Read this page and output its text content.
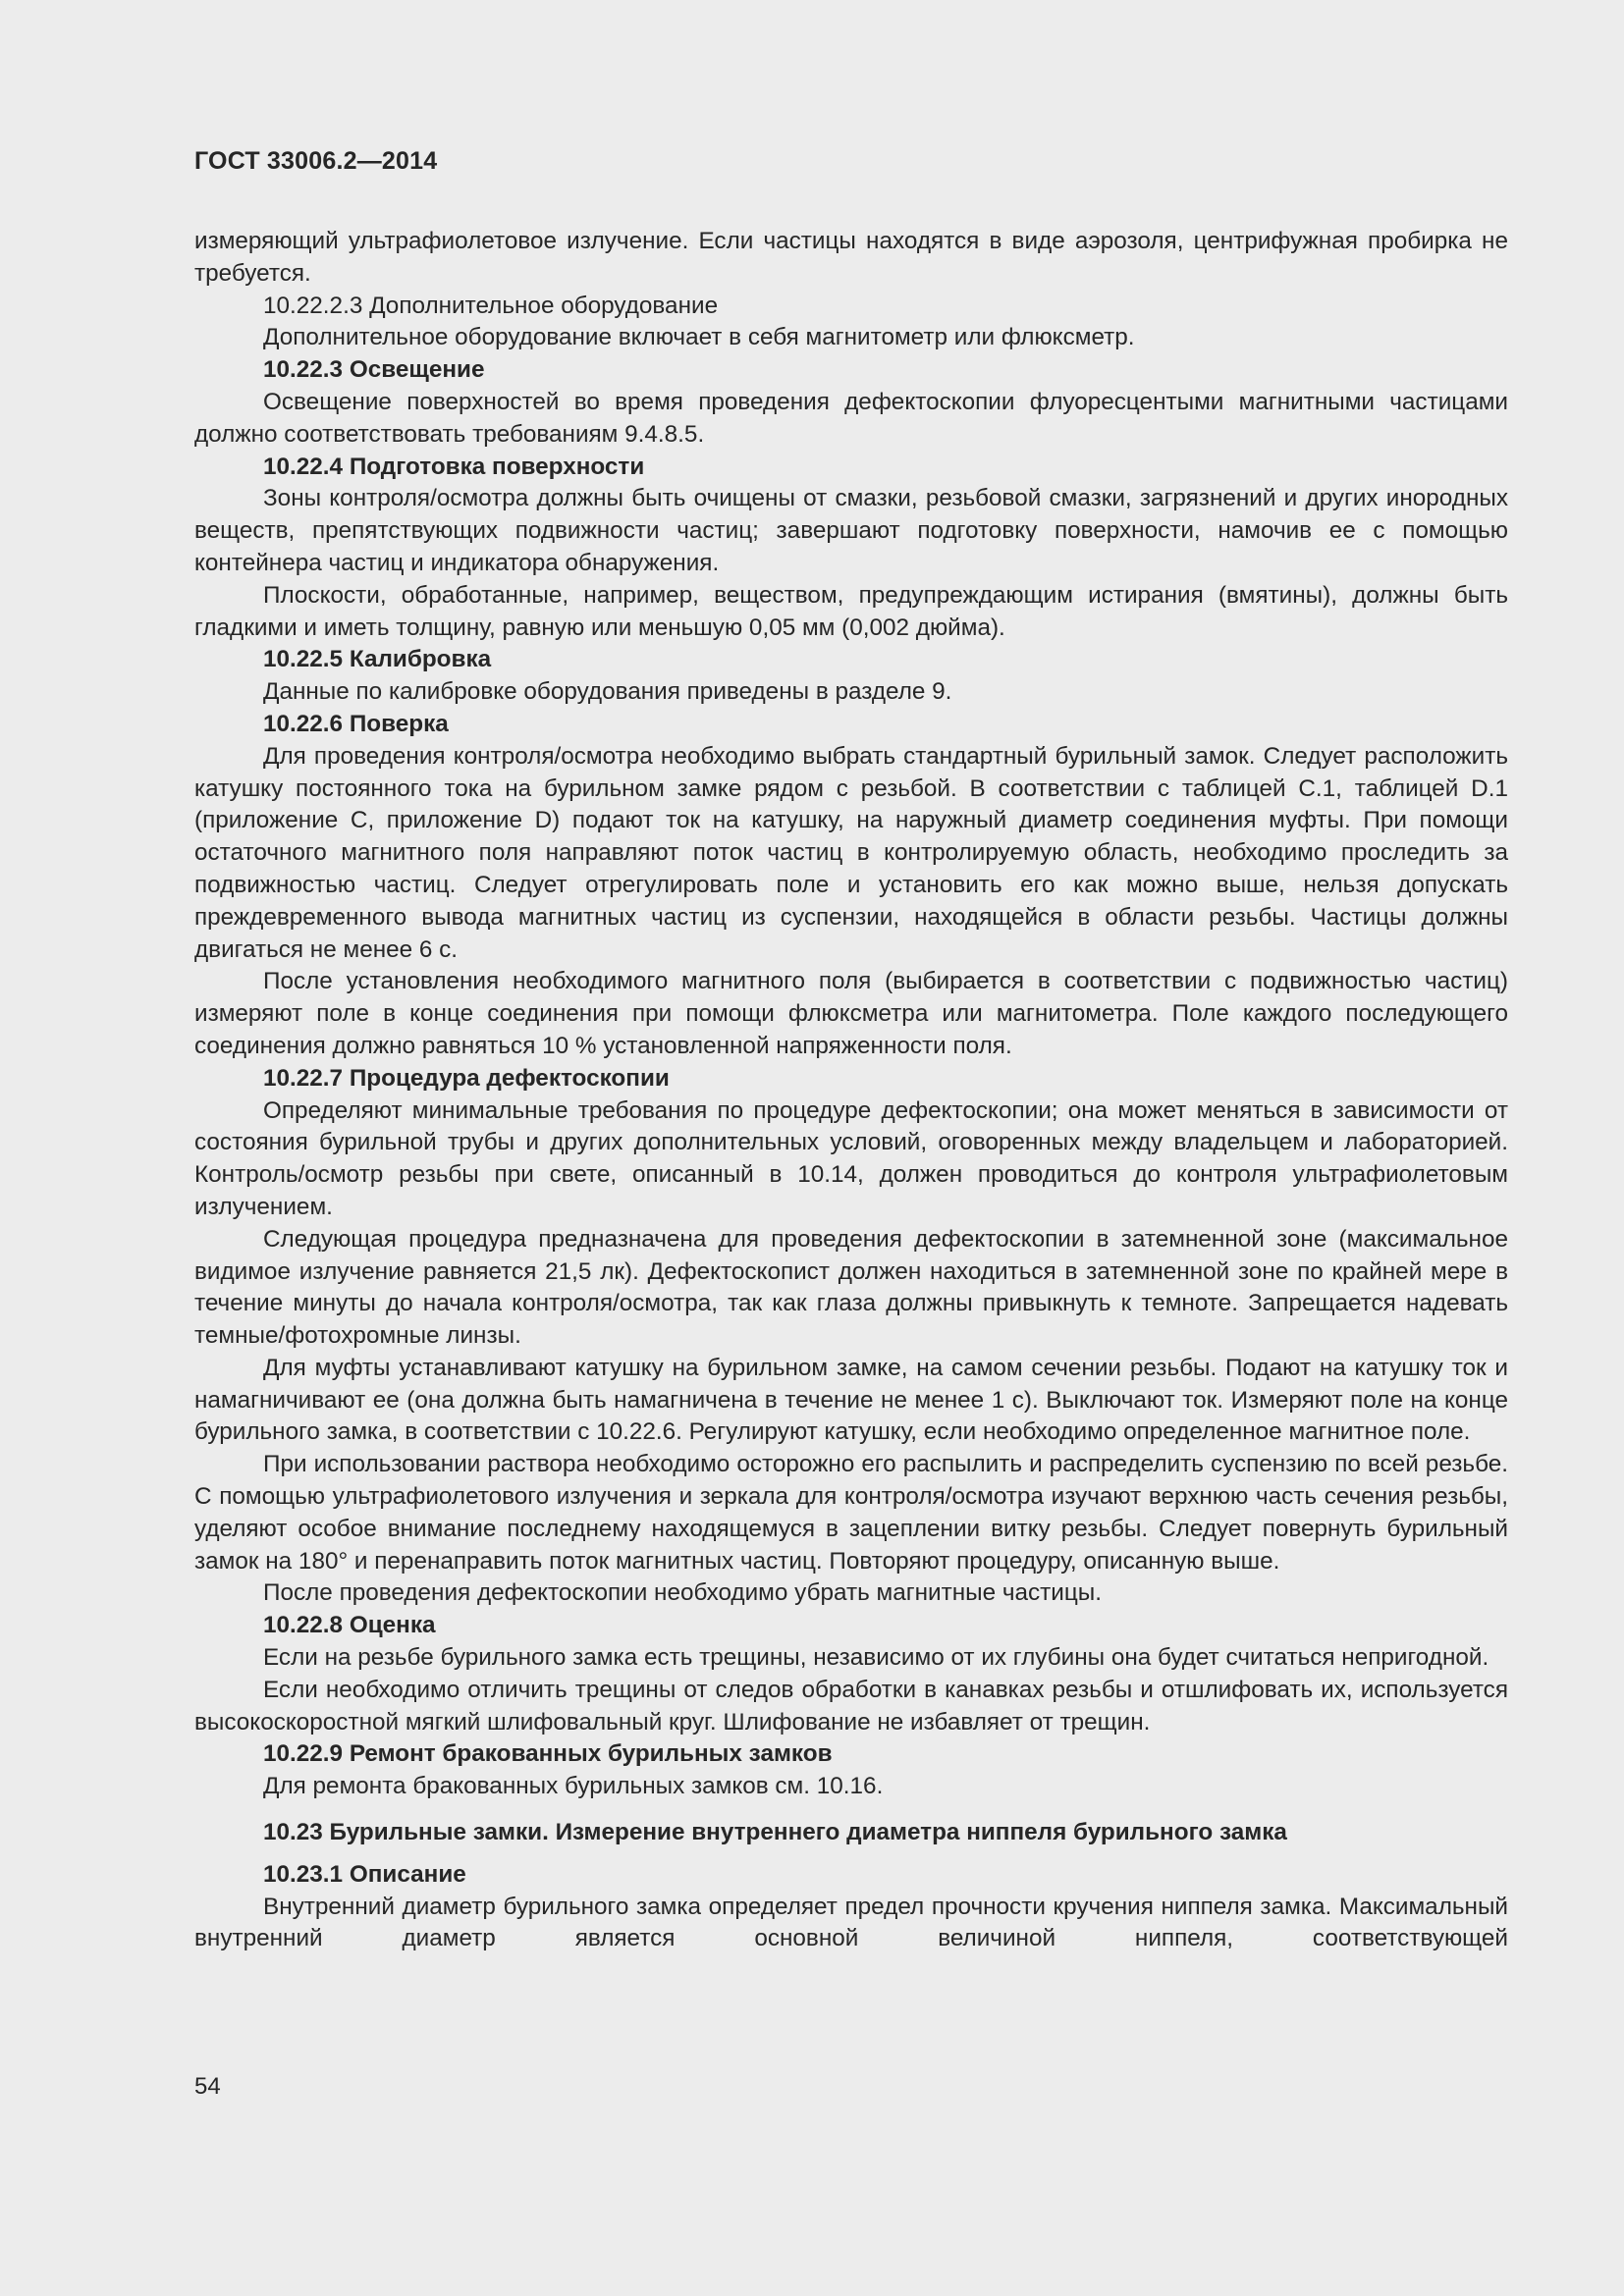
ГОСТ 33006.2—2014

измеряющий ультрафиолетовое излучение. Если частицы находятся в виде аэрозоля, центрифужная пробирка не требуется.

10.22.2.3 Дополнительное оборудование

Дополнительное оборудование включает в себя магнитометр или флюксметр.

10.22.3 Освещение

Освещение поверхностей во время проведения дефектоскопии флуоресцентыми магнитными частицами должно соответствовать требованиям 9.4.8.5.

10.22.4 Подготовка поверхности

Зоны контроля/осмотра должны быть очищены от смазки, резьбовой смазки, загрязнений и других инородных веществ, препятствующих подвижности частиц; завершают подготовку поверхности, намочив ее с помощью контейнера частиц и индикатора обнаружения.

Плоскости, обработанные, например, веществом, предупреждающим истирания (вмятины), должны быть гладкими и иметь толщину, равную или меньшую 0,05 мм (0,002 дюйма).

10.22.5 Калибровка

Данные по калибровке оборудования приведены в разделе 9.

10.22.6 Поверка

Для проведения контроля/осмотра необходимо выбрать стандартный бурильный замок. Следует расположить катушку постоянного тока на бурильном замке рядом с резьбой. В соответствии с таблицей С.1, таблицей D.1 (приложение С, приложение D) подают ток на катушку, на наружный диаметр соединения муфты. При помощи остаточного магнитного поля направляют поток частиц в контролируемую область, необходимо проследить за подвижностью частиц. Следует отрегулировать поле и установить его как можно выше, нельзя допускать преждевременного вывода магнитных частиц из суспензии, находящейся в области резьбы. Частицы должны двигаться не менее 6 с.

После установления необходимого магнитного поля (выбирается в соответствии с подвижностью частиц) измеряют поле в конце соединения при помощи флюксметра или магнитометра. Поле каждого последующего соединения должно равняться 10 % установленной напряженности поля.

10.22.7 Процедура дефектоскопии

Определяют минимальные требования по процедуре дефектоскопии; она может меняться в зависимости от состояния бурильной трубы и других дополнительных условий, оговоренных между владельцем и лабораторией. Контроль/осмотр резьбы при свете, описанный в 10.14, должен проводиться до контроля ультрафиолетовым излучением.

Следующая процедура предназначена для проведения дефектоскопии в затемненной зоне (максимальное видимое излучение равняется 21,5 лк). Дефектоскопист должен находиться в затемненной зоне по крайней мере в течение минуты до начала контроля/осмотра, так как глаза должны привыкнуть к темноте. Запрещается надевать темные/фотохромные линзы.

Для муфты устанавливают катушку на бурильном замке, на самом сечении резьбы. Подают на катушку ток и намагничивают ее (она должна быть намагничена в течение не менее 1 с). Выключают ток. Измеряют поле на конце бурильного замка, в соответствии с 10.22.6. Регулируют катушку, если необходимо определенное магнитное поле.

При использовании раствора необходимо осторожно его распылить и распределить суспензию по всей резьбе. С помощью ультрафиолетового излучения и зеркала для контроля/осмотра изучают верхнюю часть сечения резьбы, уделяют особое внимание последнему находящемуся в зацеплении витку резьбы. Следует повернуть бурильный замок на 180° и перенаправить поток магнитных частиц. Повторяют процедуру, описанную выше.

После проведения дефектоскопии необходимо убрать магнитные частицы.

10.22.8 Оценка

Если на резьбе бурильного замка есть трещины, независимо от их глубины она будет считаться непригодной.

Если необходимо отличить трещины от следов обработки в канавках резьбы и отшлифовать их, используется высокоскоростной мягкий шлифовальный круг. Шлифование не избавляет от трещин.

10.22.9 Ремонт бракованных бурильных замков

Для ремонта бракованных бурильных замков см. 10.16.

10.23 Бурильные замки. Измерение внутреннего диаметра ниппеля бурильного замка

10.23.1 Описание

Внутренний диаметр бурильного замка определяет предел прочности кручения ниппеля замка. Максимальный внутренний диаметр является основной величиной ниппеля, соответствующей

54
